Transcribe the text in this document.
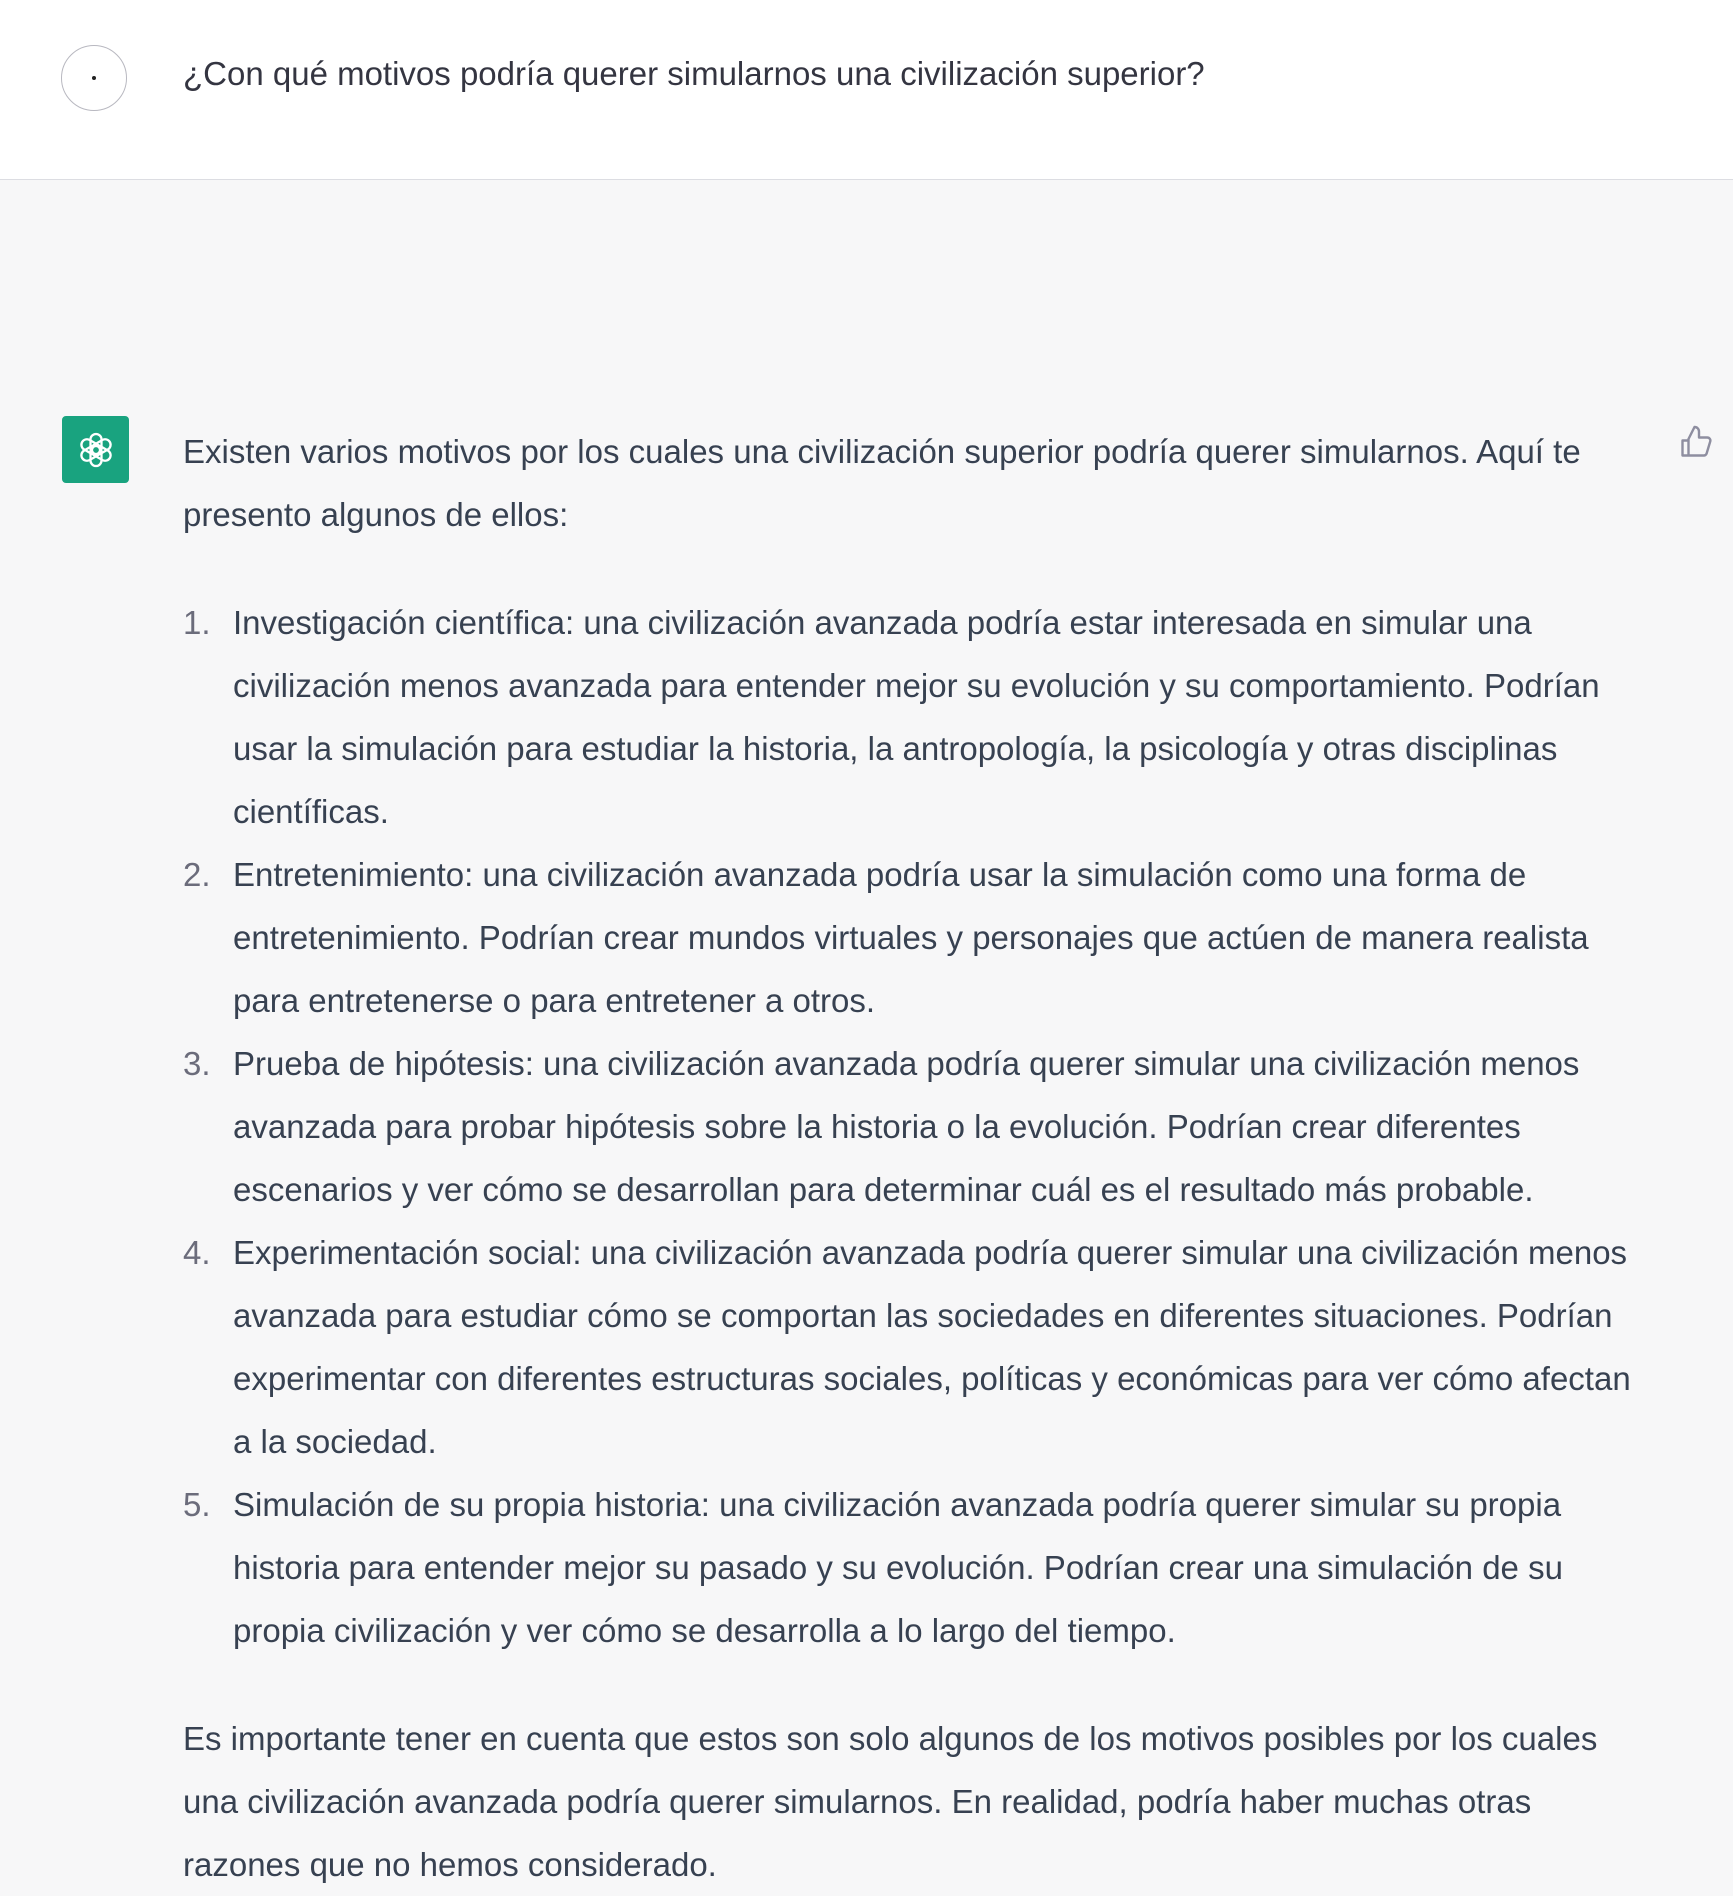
¿Con qué motivos podría querer simularnos una civilización superior?

Existen varios motivos por los cuales una civilización superior podría querer simularnos. Aquí te presento algunos de ellos:

1. Investigación científica: una civilización avanzada podría estar interesada en simular una civilización menos avanzada para entender mejor su evolución y su comportamiento. Podrían usar la simulación para estudiar la historia, la antropología, la psicología y otras disciplinas científicas.
2. Entretenimiento: una civilización avanzada podría usar la simulación como una forma de entretenimiento. Podrían crear mundos virtuales y personajes que actúen de manera realista para entretenerse o para entretener a otros.
3. Prueba de hipótesis: una civilización avanzada podría querer simular una civilización menos avanzada para probar hipótesis sobre la historia o la evolución. Podrían crear diferentes escenarios y ver cómo se desarrollan para determinar cuál es el resultado más probable.
4. Experimentación social: una civilización avanzada podría querer simular una civilización menos avanzada para estudiar cómo se comportan las sociedades en diferentes situaciones. Podrían experimentar con diferentes estructuras sociales, políticas y económicas para ver cómo afectan a la sociedad.
5. Simulación de su propia historia: una civilización avanzada podría querer simular su propia historia para entender mejor su pasado y su evolución. Podrían crear una simulación de su propia civilización y ver cómo se desarrolla a lo largo del tiempo.

Es importante tener en cuenta que estos son solo algunos de los motivos posibles por los cuales una civilización avanzada podría querer simularnos. En realidad, podría haber muchas otras razones que no hemos considerado.
